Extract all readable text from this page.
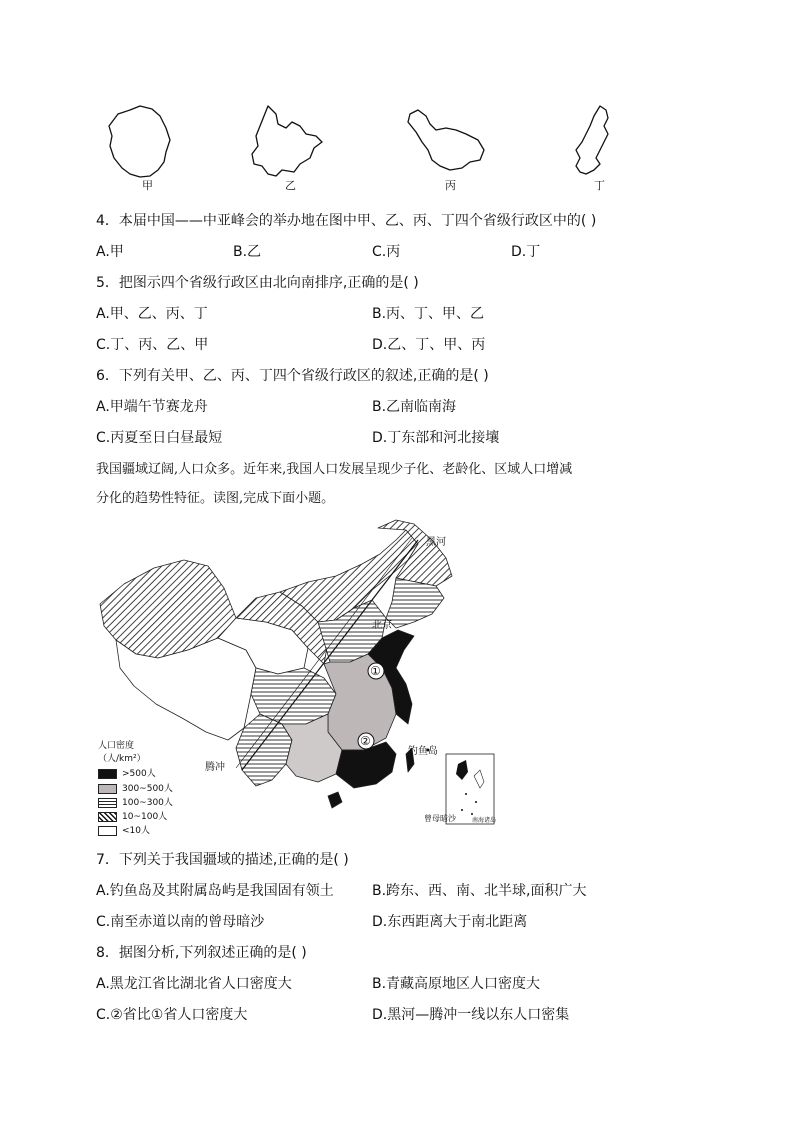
甲	乙	丙	丁
4．本届中国——中亚峰会的举办地在图中甲、乙、丙、丁四个省级行政区中的( )
A.甲	B.乙	C.丙	D.丁
5．把图示四个省级行政区由北向南排序,正确的是( )
A.甲、乙、丙、丁	B.丙、丁、甲、乙
C.丁、丙、乙、甲	D.乙、丁、甲、丙
6．下列有关甲、乙、丙、丁四个省级行政区的叙述,正确的是( )
A.甲端午节赛龙舟	B.乙南临南海
C.丙夏至日白昼最短	D.丁东部和河北接壤
我国疆域辽阔,人口众多。近年来,我国人口发展呈现少子化、老龄化、区域人口增减
分化的趋势性特征。读图,完成下面小题。
黑河
北京
腾冲
钓鱼岛
曾母暗沙	南海诸岛
①
②
人口密度
（人/km²）
>500人
300~500人
100~300人
10~100人
<10人
7．下列关于我国疆域的描述,正确的是( )
A.钓鱼岛及其附属岛屿是我国固有领土	B.跨东、西、南、北半球,面积广大
C.南至赤道以南的曾母暗沙	D.东西距离大于南北距离
8．据图分析,下列叙述正确的是( )
A.黑龙江省比湖北省人口密度大	B.青藏高原地区人口密度大
C.②省比①省人口密度大	D.黑河—腾冲一线以东人口密集
